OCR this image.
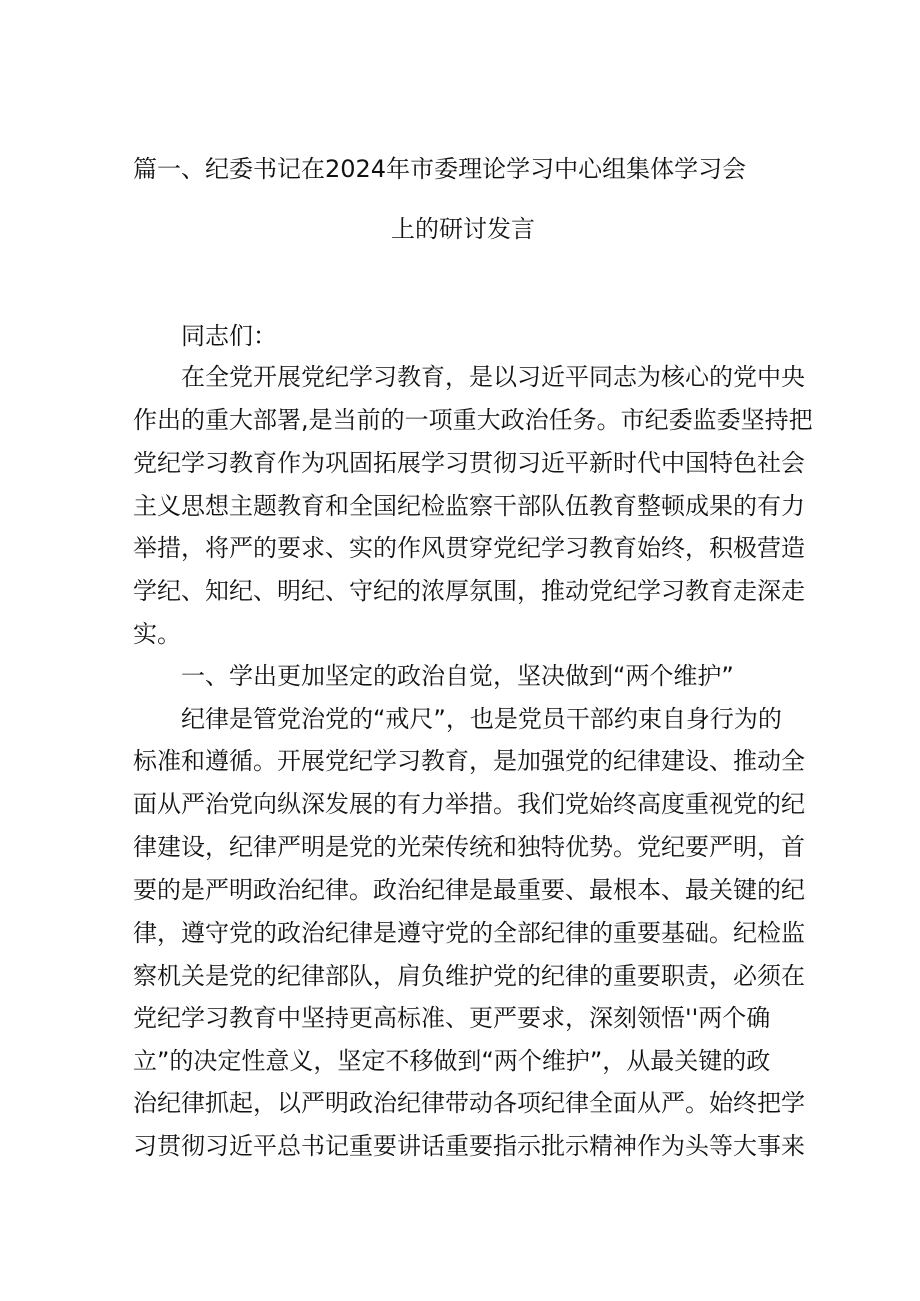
篇一、纪委书记在2024年市委理论学习中心组集体学习会
上的研讨发言
同志们：
在全党开展党纪学习教育，是以习近平同志为核心的党中央
作出的重大部署,是当前的一项重大政治任务。市纪委监委坚持把
党纪学习教育作为巩固拓展学习贯彻习近平新时代中国特色社会
主义思想主题教育和全国纪检监察干部队伍教育整顿成果的有力
举措，将严的要求、实的作风贯穿党纪学习教育始终，积极营造
学纪、知纪、明纪、守纪的浓厚氛围，推动党纪学习教育走深走
实。
一、学出更加坚定的政治自觉，坚决做到“两个维护”
纪律是管党治党的“戒尺”，也是党员干部约束自身行为的
标准和遵循。开展党纪学习教育，是加强党的纪律建设、推动全
面从严治党向纵深发展的有力举措。我们党始终高度重视党的纪
律建设，纪律严明是党的光荣传统和独特优势。党纪要严明，首
要的是严明政治纪律。政治纪律是最重要、最根本、最关键的纪
律，遵守党的政治纪律是遵守党的全部纪律的重要基础。纪检监
察机关是党的纪律部队，肩负维护党的纪律的重要职责，必须在
党纪学习教育中坚持更高标准、更严要求，深刻领悟''两个确
立”的决定性意义，坚定不移做到“两个维护”，从最关键的政
治纪律抓起，以严明政治纪律带动各项纪律全面从严。始终把学
习贯彻习近平总书记重要讲话重要指示批示精神作为头等大事来
